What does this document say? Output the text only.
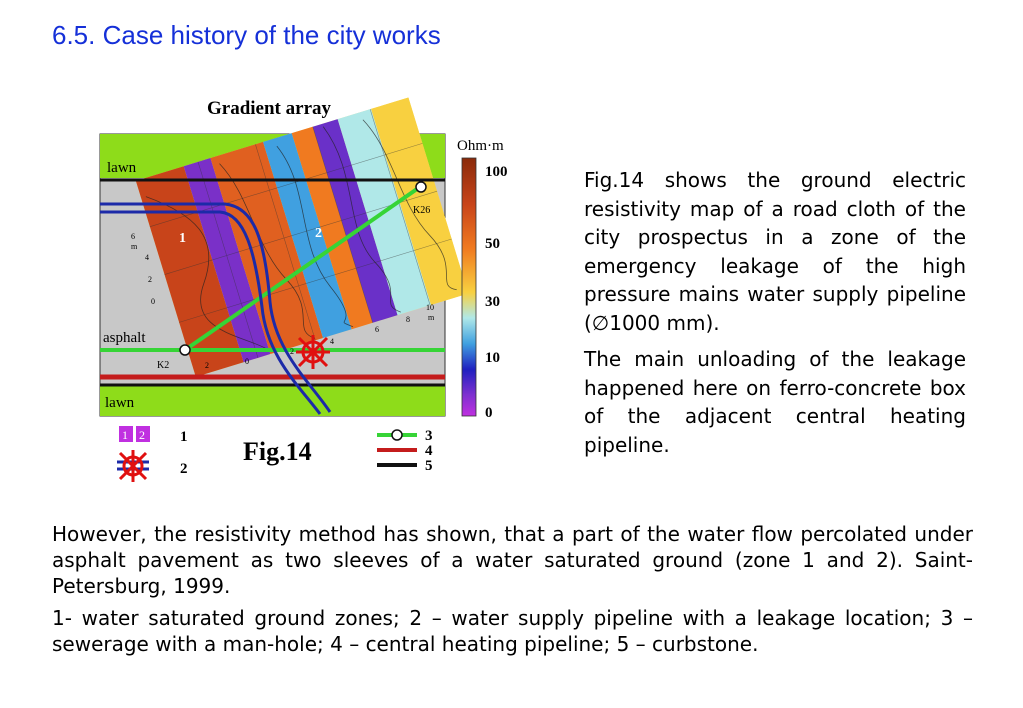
6.5. Case history of the city works
Gradient array
lawn
lawn
asphalt
K26
K2
1	2
6
m
4
2
0
2	0
2
4
6
8
10
m
Ohm·m
100
50
30
10
0
1 2 1
2
Fig.14
3
4
5

Fig.14 shows the ground electric resistivity map of a road cloth of the city prospectus in a zone of the emergency leakage of the high pressure mains water supply pipeline (∅1000 mm).

The main unloading of the leakage happened here on ferro-concrete box of the adjacent central heating pipeline.

However, the resistivity method has shown, that a part of the water flow percolated under asphalt pavement as two sleeves of a water saturated ground (zone 1 and 2). Saint-Petersburg, 1999.

1- water saturated ground zones; 2 – water supply pipeline with a leakage location; 3 – sewerage with a man-hole; 4 – central heating pipeline; 5 – curbstone.
